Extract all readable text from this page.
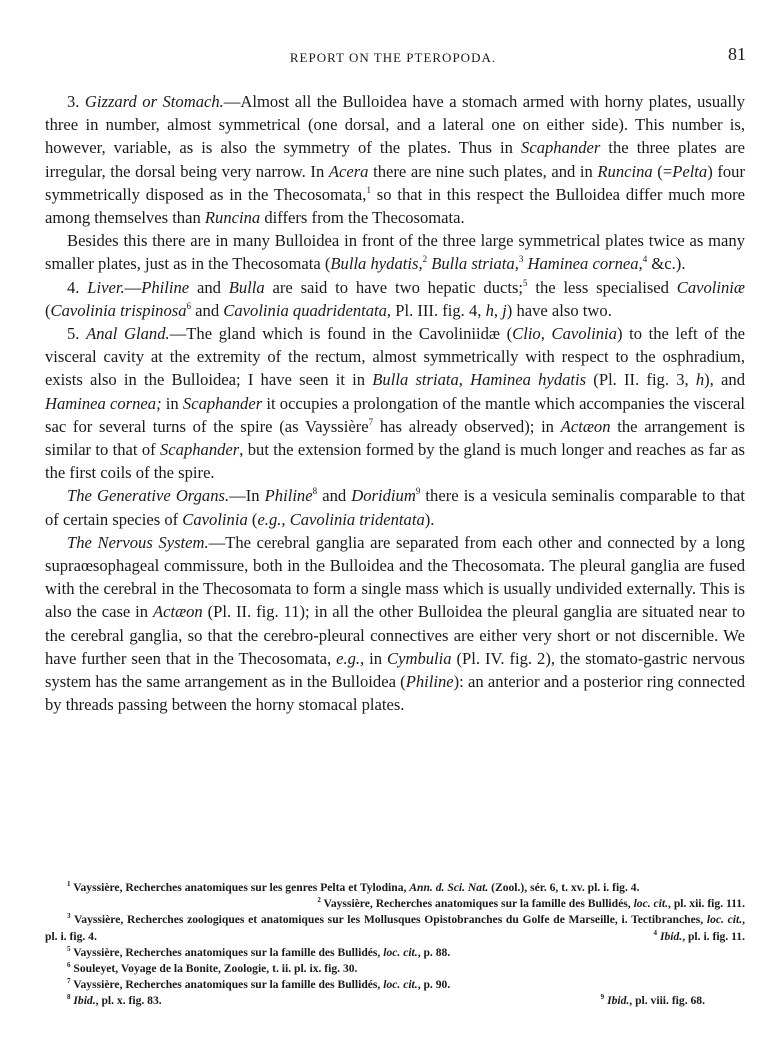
REPORT ON THE PTEROPODA.	81

3. Gizzard or Stomach.—Almost all the Bulloidea have a stomach armed with horny plates, usually three in number, almost symmetrical (one dorsal, and a lateral one on either side). This number is, however, variable, as is also the symmetry of the plates. Thus in Scaphander the three plates are irregular, the dorsal being very narrow. In Acera there are nine such plates, and in Runcina (=Pelta) four symmetrically disposed as in the Thecosomata,$^1$ so that in this respect the Bulloidea differ much more among themselves than Runcina differs from the Thecosomata.

Besides this there are in many Bulloidea in front of the three large symmetrical plates twice as many smaller plates, just as in the Thecosomata (Bulla hydatis,$^2$ Bulla striata,$^3$ Haminea cornea,$^4$ &c.).

4. Liver.—Philine and Bulla are said to have two hepatic ducts;$^5$ the less specialised Cavoliniæ (Cavolinia trispinosa$^6$ and Cavolinia quadridentata, Pl. III. fig. 4, h, j) have also two.

5. Anal Gland.—The gland which is found in the Cavoliniidæ (Clio, Cavolinia) to the left of the visceral cavity at the extremity of the rectum, almost symmetrically with respect to the osphradium, exists also in the Bulloidea; I have seen it in Bulla striata, Haminea hydatis (Pl. II. fig. 3, h), and Haminea cornea; in Scaphander it occupies a prolongation of the mantle which accompanies the visceral sac for several turns of the spire (as Vayssière$^7$ has already observed); in Actæon the arrangement is similar to that of Scaphander, but the extension formed by the gland is much longer and reaches as far as the first coils of the spire.

The Generative Organs.—In Philine$^8$ and Doridium$^9$ there is a vesicula seminalis comparable to that of certain species of Cavolinia (e.g., Cavolinia tridentata).

The Nervous System.—The cerebral ganglia are separated from each other and connected by a long supraœsophageal commissure, both in the Bulloidea and the Thecosomata. The pleural ganglia are fused with the cerebral in the Thecosomata to form a single mass which is usually undivided externally. This is also the case in Actæon (Pl. II. fig. 11); in all the other Bulloidea the pleural ganglia are situated near to the cerebral ganglia, so that the cerebro-pleural connectives are either very short or not discernible. We have further seen that in the Thecosomata, e.g., in Cymbulia (Pl. IV. fig. 2), the stomato-gastric nervous system has the same arrangement as in the Bulloidea (Philine): an anterior and a posterior ring connected by threads passing between the horny stomacal plates.

$^1$ Vayssière, Recherches anatomiques sur les genres Pelta et Tylodina, Ann. d. Sci. Nat. (Zool.), sér. 6, t. xv. pl. i. fig. 4.

$^2$ Vayssière, Recherches anatomiques sur la famille des Bullidés, loc. cit., pl. xii. fig. 111.

$^3$ Vayssière, Recherches zoologiques et anatomiques sur les Mollusques Opistobranches du Golfe de Marseille, i. Tectibranches, loc. cit., pl. i. fig. 4.	$^4$ Ibid., pl. i. fig. 11.

$^5$ Vayssière, Recherches anatomiques sur la famille des Bullidés, loc. cit., p. 88.

$^6$ Souleyet, Voyage de la Bonite, Zoologie, t. ii. pl. ix. fig. 30.

$^7$ Vayssière, Recherches anatomiques sur la famille des Bullidés, loc. cit., p. 90.

$^8$ Ibid., pl. x. fig. 83.	$^9$ Ibid., pl. viii. fig. 68.
